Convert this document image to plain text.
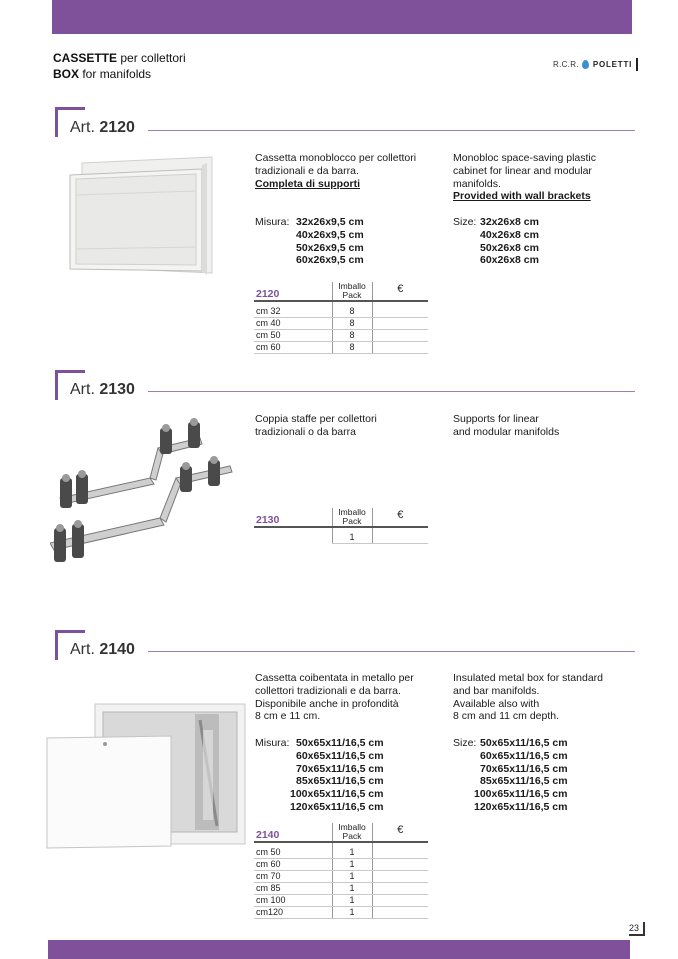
CASSETTE per collettori
BOX for manifolds
R.C.R. POLETTI
Art. 2120
Cassetta monoblocco per collettori
tradizionali e da barra.
Completa di supporti
Monobloc space-saving plastic
cabinet for linear and modular
manifolds.
Provided with wall brackets
Misura: 32x26x9,5 cm
40x26x9,5 cm
50x26x9,5 cm
60x26x9,5 cm
Size: 32x26x8 cm
40x26x8 cm
50x26x8 cm
60x26x8 cm
2120	Imballo
Pack	€
cm 32	8	
cm 40	8	
cm 50	8	
cm 60	8	
Art. 2130
Coppia staffe per collettori
tradizionali o da barra
Supports for linear
and modular manifolds
2130	Imballo
Pack	€
	1	
Art. 2140
Cassetta coibentata in metallo per
collettori tradizionali e da barra.
Disponibile anche in profondità
8 cm e 11 cm.
Insulated metal box for standard
and bar manifolds.
Available also with
8 cm and 11 cm depth.
Misura: 50x65x11/16,5 cm
60x65x11/16,5 cm
70x65x11/16,5 cm
85x65x11/16,5 cm
100x65x11/16,5 cm
120x65x11/16,5 cm
Size: 50x65x11/16,5 cm
60x65x11/16,5 cm
70x65x11/16,5 cm
85x65x11/16,5 cm
100x65x11/16,5 cm
120x65x11/16,5 cm
2140	Imballo
Pack	€
cm 50	1	
cm 60	1	
cm 70	1	
cm 85	1	
cm 100	1	
cm120	1	
23
